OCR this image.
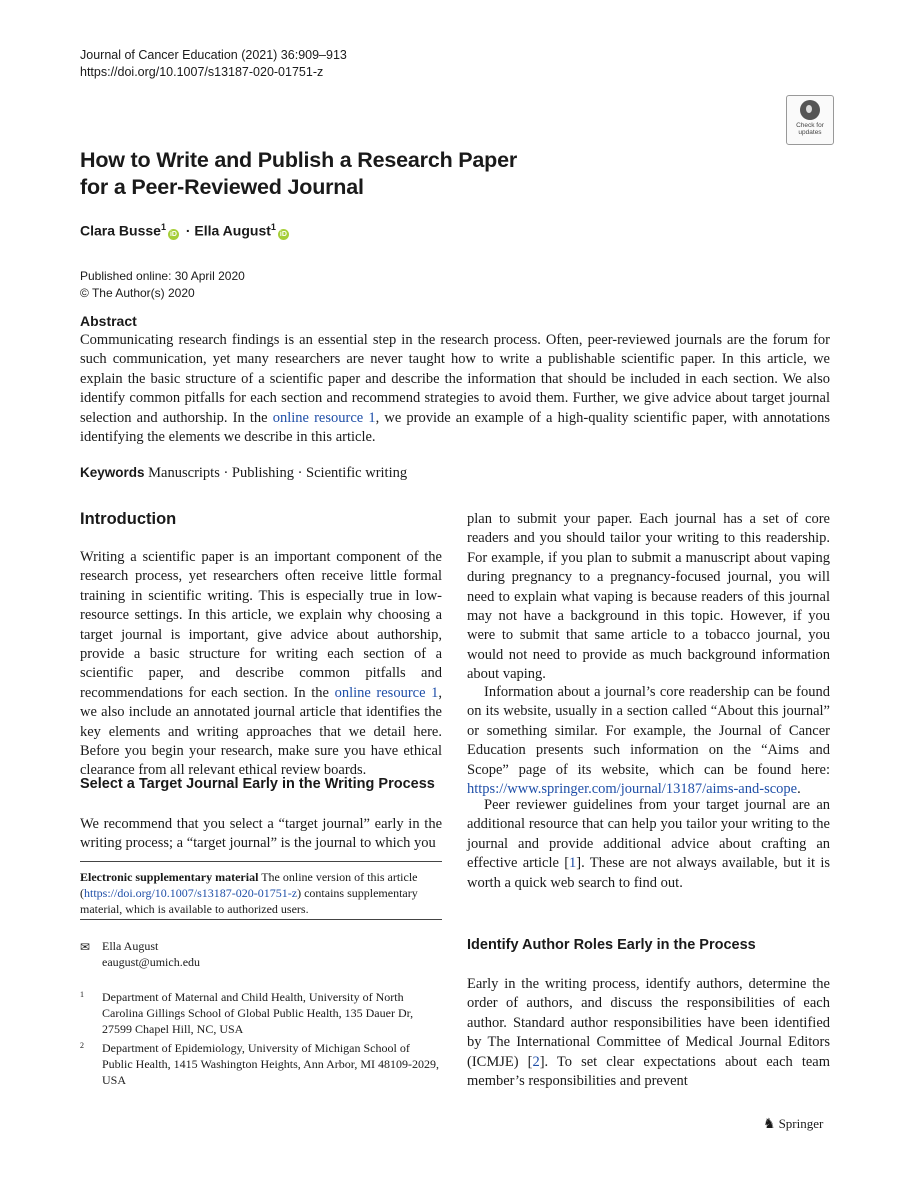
Journal of Cancer Education (2021) 36:909–913
https://doi.org/10.1007/s13187-020-01751-z
Check for
updates
How to Write and Publish a Research Paper
for a Peer-Reviewed Journal
Clara Busse$^1$iD · Ella August$^1$iD
Published online: 30 April 2020
© The Author(s) 2020
Abstract

Communicating research findings is an essential step in the research process. Often, peer-reviewed journals are the forum for such communication, yet many researchers are never taught how to write a publishable scientific paper. In this article, we explain the basic structure of a scientific paper and describe the information that should be included in each section. We also identify common pitfalls for each section and recommend strategies to avoid them. Further, we give advice about target journal selection and authorship. In the online resource 1, we provide an example of a high-quality scientific paper, with annotations identifying the elements we describe in this article.

Keywords Manuscripts · Publishing · Scientific writing
Introduction

Writing a scientific paper is an important component of the research process, yet researchers often receive little formal training in scientific writing. This is especially true in low-resource settings. In this article, we explain why choosing a target journal is important, give advice about authorship, provide a basic structure for writing each section of a scientific paper, and describe common pitfalls and recommendations for each section. In the online resource 1, we also include an annotated journal article that identifies the key elements and writing approaches that we detail here. Before you begin your research, make sure you have ethical clearance from all relevant ethical review boards.

Select a Target Journal Early in the Writing Process

We recommend that you select a “target journal” early in the writing process; a “target journal” is the journal to which you

Electronic supplementary material The online version of this article (https://doi.org/10.1007/s13187-020-01751-z) contains supplementary material, which is available to authorized users.
✉ Ella August
eaugust@umich.edu
1 Department of Maternal and Child Health, University of North Carolina Gillings School of Global Public Health, 135 Dauer Dr, 27599 Chapel Hill, NC, USA
2 Department of Epidemiology, University of Michigan School of Public Health, 1415 Washington Heights, Ann Arbor, MI 48109-2029, USA

plan to submit your paper. Each journal has a set of core readers and you should tailor your writing to this readership. For example, if you plan to submit a manuscript about vaping during pregnancy to a pregnancy-focused journal, you will need to explain what vaping is because readers of this journal may not have a background in this topic. However, if you were to submit that same article to a tobacco journal, you would not need to provide as much background information about vaping.

Information about a journal’s core readership can be found on its website, usually in a section called “About this journal” or something similar. For example, the Journal of Cancer Education presents such information on the “Aims and Scope” page of its website, which can be found here: https://www.springer.com/journal/13187/aims-and-scope.

Peer reviewer guidelines from your target journal are an additional resource that can help you tailor your writing to the journal and provide additional advice about crafting an effective article [1]. These are not always available, but it is worth a quick web search to find out.

Identify Author Roles Early in the Process

Early in the writing process, identify authors, determine the order of authors, and discuss the responsibilities of each author. Standard author responsibilities have been identified by The International Committee of Medical Journal Editors (ICMJE) [2]. To set clear expectations about each team member’s responsibilities and prevent

♞ Springer
